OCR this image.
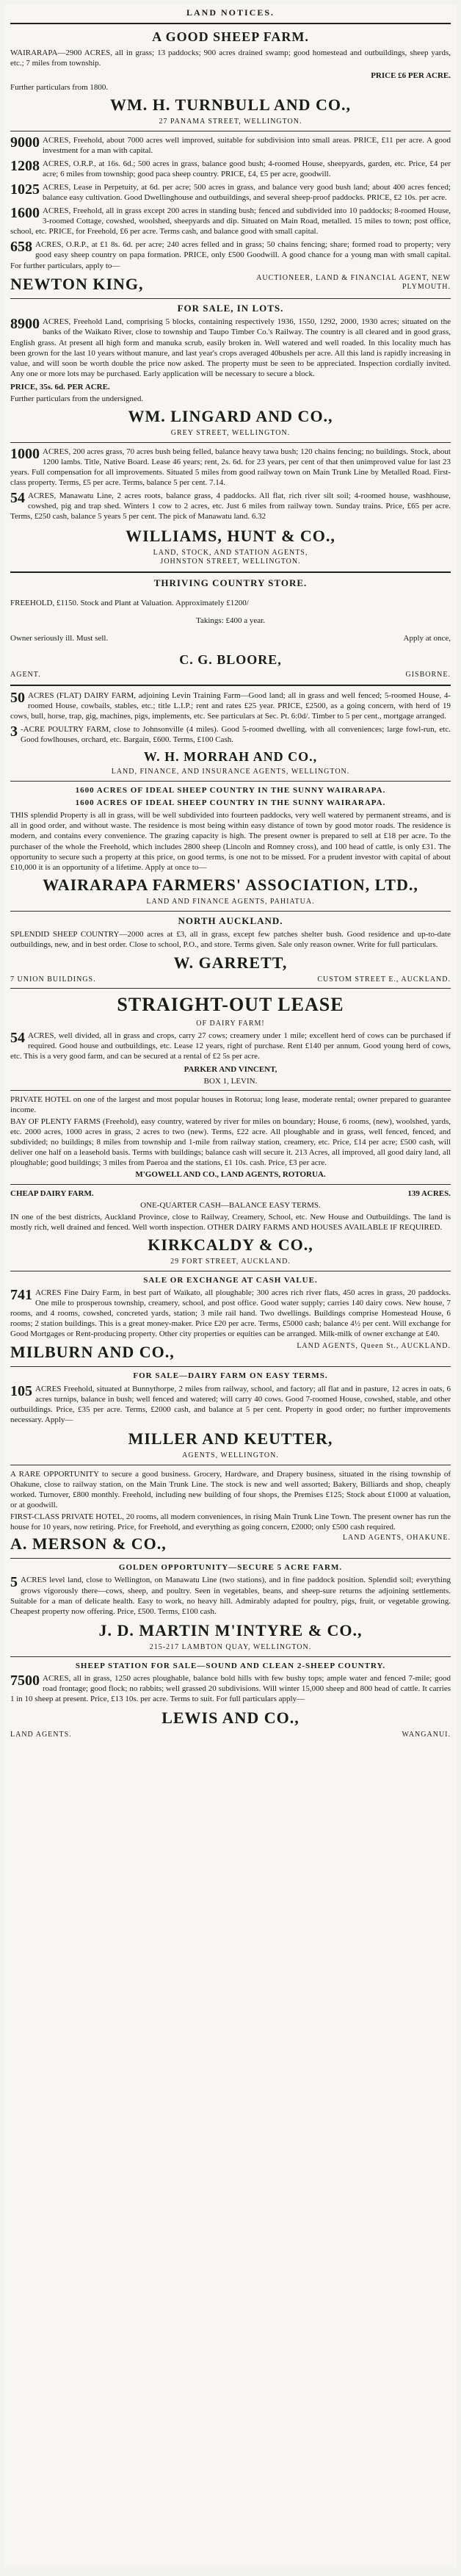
LAND NOTICES.
A GOOD SHEEP FARM.
WAIRARAPA—2900 ACRES, all in grass; 13 paddocks; 900 acres drained swamp; good homestead and outbuildings, sheep yards, etc.; 7 miles from township.
PRICE £6 PER ACRE.
Further particulars from 1800.
WM. H. TURNBULL AND CO.,
27 PANAMA STREET, WELLINGTON.
9000 ACRES, Freehold, about 7000 acres well improved, suitable for subdivision into small areas. PRICE, £11 per acre. A good investment for a man with capital.
1208 ACRES, O.R.P., at 16s. 6d.; 500 acres in grass, balance good bush; 4-roomed House, sheepyards, garden, etc. Price, £4 per acre; 6 miles from township; good paca sheep country. PRICE, £4, £5 per acre, goodwill.
1025 ACRES, Lease in Perpetuity, at 6d. per acre; 500 acres in grass, and balance very good bush land; about 400 acres fenced; balance easy cultivation. Good Dwellinghouse and outbuildings, and several sheep-proof paddocks. PRICE, £2 10s. per acre.
1600 ACRES, Freehold, all in grass except 200 acres in standing bush; fenced and subdivided into 10 paddocks; 8-roomed House, 3-roomed Cottage, cowshed, woolshed, sheepyards and dip. Situated on Main Road, metalled. 15 miles to town; post office, school, etc. PRICE, for Freehold, £6 per acre. Terms cash, and balance good with small capital.
658 ACRES, O.R.P., at £1 8s. 6d. per acre; 240 acres felled and in grass; 50 chains fencing; share; formed road to property; very good easy sheep country on papa formation. PRICE, only £500 Goodwill. A good chance for a young man with small capital. For further particulars, apply to—
NEWTON KING,	AUCTIONEER, LAND & FINANCIAL AGENT, NEW PLYMOUTH.
FOR SALE, IN LOTS.
8900 ACRES, Freehold Land, comprising 5 blocks, containing respectively 1936, 1550, 1292, 2000, 1930 acres; situated on the banks of the Waikato River, close to township and Taupo Timber Co.'s Railway. The country is all cleared and in good grass, English grass. At present all high form and manuka scrub, easily broken in. Well watered and well roaded. In this locality much has been grown for the last 10 years without manure, and last year's crops averaged 40bushels per acre. All this land is rapidly increasing in value, and will soon be worth double the price now asked. The property must be seen to be appreciated. Inspection cordially invited. Any one or more lots may be purchased. Early application will be necessary to secure a block.
PRICE, 35s. 6d. PER ACRE.
Further particulars from the undersigned.
WM. LINGARD AND CO.,
GREY STREET, WELLINGTON.
1000 ACRES, 200 acres grass, 70 acres bush being felled, balance heavy tawa bush; 120 chains fencing; no buildings. Stock, about 1200 lambs. Title, Native Board. Lease 46 years; rent, 2s. 6d. for 23 years, per cent of that then unimproved value for last 23 years. Full compensation for all improvements. Situated 5 miles from good railway town on Main Trunk Line by Metalled Road. First-class property. Terms, £5 per acre. Terms, balance 5 per cent. 7.14.
54 ACRES, Manawatu Line, 2 acres roots, balance grass, 4 paddocks. All flat, rich river silt soil; 4-roomed house, washhouse, cowshed, pig and trap shed. Winters 1 cow to 2 acres, etc. Just 6 miles from railway town. Sunday trains. Price, £65 per acre. Terms, £250 cash, balance 5 years 5 per cent. The pick of Manawatu land. 6.32
WILLIAMS, HUNT & CO.,
LAND, STOCK, AND STATION AGENTS,
JOHNSTON STREET, WELLINGTON.
THRIVING COUNTRY STORE.
FREEHOLD, £1150. Stock and Plant at Valuation. Approximately £1200/
Takings: £400 a year.
Owner seriously ill. Must sell.	Apply at once,
C. G. BLOORE,
AGENT.	GISBORNE.
50 ACRES (FLAT) DAIRY FARM, adjoining Levin Training Farm—Good land; all in grass and well fenced; 5-roomed House, 4-roomed House, cowbails, stables, etc.; title L.I.P.; rent and rates £25 year. PRICE, £2500, as a going concern, with herd of 19 cows, bull, horse, trap, gig, machines, pigs, implements, etc. See particulars at Sec. Pt. 6:0d/. Timber to 5 per cent., mortgage arranged.
3 -ACRE POULTRY FARM, close to Johnsonville (4 miles). Good 5-roomed dwelling, with all conveniences; large fowl-run, etc. Good fowlhouses, orchard, etc. Bargain, £600. Terms, £100 Cash.
W. H. MORRAH AND CO.,
LAND, FINANCE, AND INSURANCE AGENTS, WELLINGTON.
1600 ACRES OF IDEAL SHEEP COUNTRY IN THE SUNNY WAIRARAPA.
1600 ACRES OF IDEAL SHEEP COUNTRY IN THE SUNNY WAIRARAPA.
THIS splendid Property is all in grass, will be well subdivided into fourteen paddocks, very well watered by permanent streams, and is all in good order, and without waste. The residence is most being within easy distance of town by good motor roads. The residence is modern, and contains every convenience. The grazing capacity is high. The present owner is prepared to sell at £18 per acre. To the purchaser of the whole the Freehold, which includes 2800 sheep (Lincoln and Romney cross), and 100 head of cattle, is only £31. The opportunity to secure such a property at this price, on good terms, is one not to be missed. For a prudent investor with capital of about £10,000 it is an opportunity of a lifetime. Apply at once to—
WAIRARAPA FARMERS' ASSOCIATION, LTD.,
LAND AND FINANCE AGENTS, PAHIATUA.
NORTH AUCKLAND.
SPLENDID SHEEP COUNTRY—2000 acres at £3, all in grass, except few patches shelter bush. Good residence and up-to-date outbuildings, new, and in best order. Close to school, P.O., and store. Terms given. Sale only reason owner. Write for full particulars.
W. GARRETT,
7 UNION BUILDINGS.	CUSTOM STREET E., AUCKLAND.
STRAIGHT-OUT LEASE
OF DAIRY FARM!
54 ACRES, well divided, all in grass and crops, carry 27 cows; creamery under 1 mile; excellent herd of cows can be purchased if required. Good house and outbuildings, etc. Lease 12 years, right of purchase. Rent £140 per annum. Good young herd of cows, etc. This is a very good farm, and can be secured at a rental of £2 5s per acre.
PARKER AND VINCENT,
BOX 1, LEVIN.
PRIVATE HOTEL on one of the largest and most popular houses in Rotorua; long lease, moderate rental; owner prepared to guarantee income.
BAY OF PLENTY FARMS (Freehold), easy country, watered by river for miles on boundary; House, 6 rooms, (new), woolshed, yards, etc. 2000 acres, 1000 acres in grass, 2 acres to two (new). Terms, £22 acre. All ploughable and in grass, well fenced, fenced, and subdivided; no buildings; 8 miles from township and 1-mile from railway station, creamery, etc. Price, £14 per acre; £500 cash, will deliver one half on a leasehold basis. Terms with buildings; balance cash will secure it. 213 Acres, all improved, all good dairy land, all ploughable; good buildings; 3 miles from Paeroa and the stations, £1 10s. cash. Price, £3 per acre.
M'GOWELL AND CO., LAND AGENTS, ROTORUA.
CHEAP DAIRY FARM.	139 ACRES.
ONE-QUARTER CASH—BALANCE EASY TERMS.
IN one of the best districts, Auckland Province, close to Railway, Creamery, School, etc. New House and Outbuildings. The land is mostly rich, well drained and fenced. Well worth inspection. OTHER DAIRY FARMS AND HOUSES AVAILABLE IF REQUIRED.
KIRKCALDY & CO.,
29 FORT STREET, AUCKLAND.
SALE OR EXCHANGE AT CASH VALUE.
741 ACRES Fine Dairy Farm, in best part of Waikato, all ploughable; 300 acres rich river flats, 450 acres in grass, 20 paddocks. One mile to prosperous township, creamery, school, and post office. Good water supply; carries 140 dairy cows. New house, 7 rooms, and 4 rooms, cowshed, concreted yards, station; 3 mile rail hand. Two dwellings. Buildings comprise Homestead House, 6 rooms; 2 station buildings. This is a great money-maker. Price £20 per acre. Terms, £5000 cash; balance 4½ per cent. Will exchange for Good Mortgages or Rent-producing property. Other city properties or equities can be arranged. Milk-milk of owner exchange at £40.
MILBURN AND CO.,	LAND AGENTS, Queen St., AUCKLAND.
FOR SALE—DAIRY FARM ON EASY TERMS.
105 ACRES Freehold, situated at Bunnythorpe, 2 miles from railway, school, and factory; all flat and in pasture, 12 acres in oats, 6 acres turnips, balance in bush; well fenced and watered; will carry 40 cows. Good 7-roomed House, cowshed, stable, and other outbuildings. Price, £35 per acre. Terms, £2000 cash, and balance at 5 per cent. Property in good order; no further improvements necessary. Apply—
MILLER AND KEUTTER,
AGENTS, WELLINGTON.
A RARE OPPORTUNITY to secure a good business. Grocery, Hardware, and Drapery business, situated in the rising township of Ohakune, close to railway station, on the Main Trunk Line. The stock is new and well assorted; Bakery, Billiards and shop, cheaply worked. Turnover, £800 monthly. Freehold, including new building of four shops, the Premises £125; Stock about £1000 at valuation, or at goodwill.
FIRST-CLASS PRIVATE HOTEL, 20 rooms, all modern conveniences, in rising Main Trunk Line Town. The present owner has run the house for 10 years, now retiring. Price, for Freehold, and everything as going concern, £2000; only £500 cash required.
A. MERSON & CO.,	LAND AGENTS, OHAKUNE.
GOLDEN OPPORTUNITY—SECURE 5 ACRE FARM.
5 ACRES level land, close to Wellington, on Manawatu Line (two stations), and in fine paddock position. Splendid soil; everything grows vigorously there—cows, sheep, and poultry. Seen in vegetables, beans, and sheep-sure returns the adjoining settlements. Suitable for a man of delicate health. Easy to work, no heavy hill. Admirably adapted for poultry, pigs, fruit, or vegetable growing. Cheapest property now offering. Price, £500. Terms, £100 cash.
J. D. MARTIN M'INTYRE & CO.,
215-217 LAMBTON QUAY, WELLINGTON.
SHEEP STATION FOR SALE—SOUND AND CLEAN 2-SHEEP COUNTRY.
7500 ACRES, all in grass, 1250 acres ploughable, balance bold hills with few bushy tops; ample water and fenced 7-mile; good road frontage; good flock; no rabbits; well grassed 20 subdivisions. Will winter 15,000 sheep and 800 head of cattle. It carries 1 in 10 sheep at present. Price, £13 10s. per acre. Terms to suit. For full particulars apply—
LEWIS AND CO.,
LAND AGENTS.	WANGANUI.
